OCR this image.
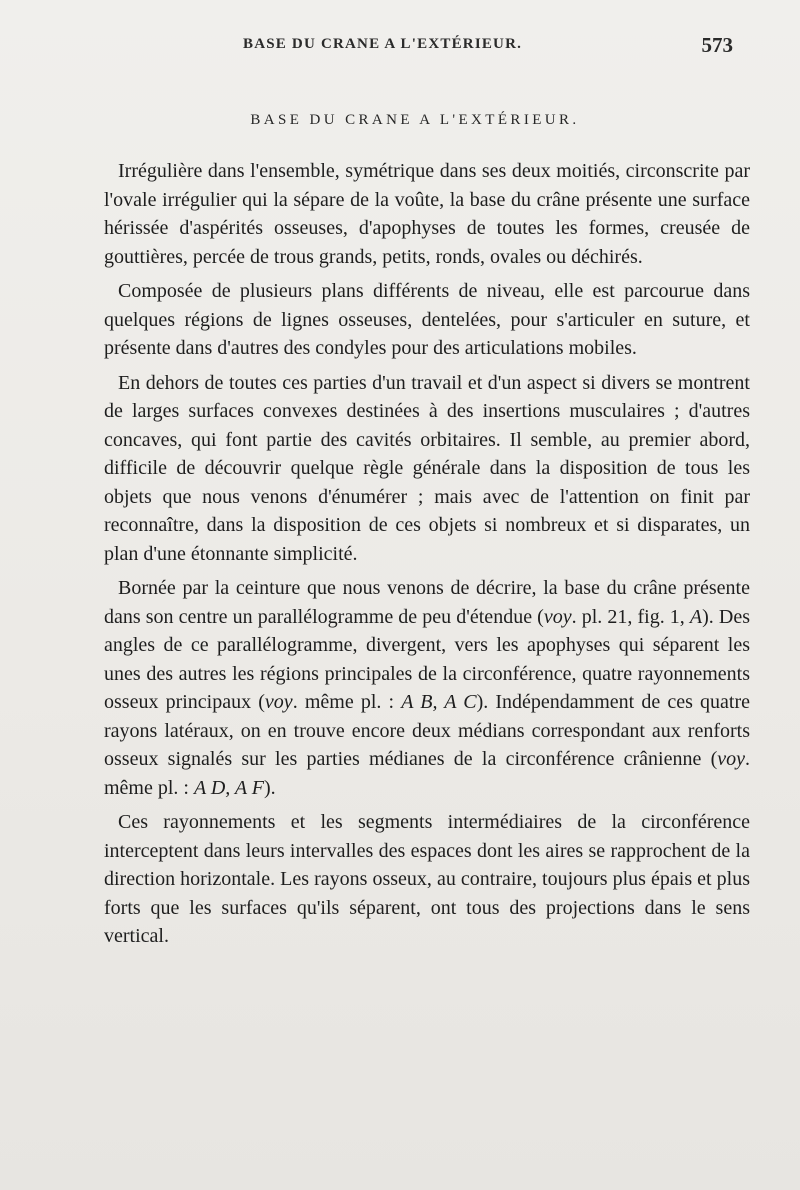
BASE DU CRANE A L'EXTÉRIEUR.	573
BASE DU CRANE A L'EXTÉRIEUR.

Irrégulière dans l'ensemble, symétrique dans ses deux moitiés, circonscrite par l'ovale irrégulier qui la sépare de la voûte, la base du crâne présente une surface hérissée d'aspérités osseuses, d'apophyses de toutes les formes, creusée de gouttières, percée de trous grands, petits, ronds, ovales ou déchirés.

Composée de plusieurs plans différents de niveau, elle est parcourue dans quelques régions de lignes osseuses, dentelées, pour s'articuler en suture, et présente dans d'autres des condyles pour des articulations mobiles.

En dehors de toutes ces parties d'un travail et d'un aspect si divers se montrent de larges surfaces convexes destinées à des insertions musculaires ; d'autres concaves, qui font partie des cavités orbitaires. Il semble, au premier abord, difficile de découvrir quelque règle générale dans la disposition de tous les objets que nous venons d'énumérer ; mais avec de l'attention on finit par reconnaître, dans la disposition de ces objets si nombreux et si disparates, un plan d'une étonnante simplicité.

Bornée par la ceinture que nous venons de décrire, la base du crâne présente dans son centre un parallélogramme de peu d'étendue (voy. pl. 21, fig. 1, A). Des angles de ce parallélogramme, divergent, vers les apophyses qui séparent les unes des autres les régions principales de la circonférence, quatre rayonnements osseux principaux (voy. même pl. : A B, A C). Indépendamment de ces quatre rayons latéraux, on en trouve encore deux médians correspondant aux renforts osseux signalés sur les parties médianes de la circonférence crânienne (voy. même pl. : A D, A F).

Ces rayonnements et les segments intermédiaires de la circonférence interceptent dans leurs intervalles des espaces dont les aires se rapprochent de la direction horizontale. Les rayons osseux, au contraire, toujours plus épais et plus forts que les surfaces qu'ils séparent, ont tous des projections dans le sens vertical.
